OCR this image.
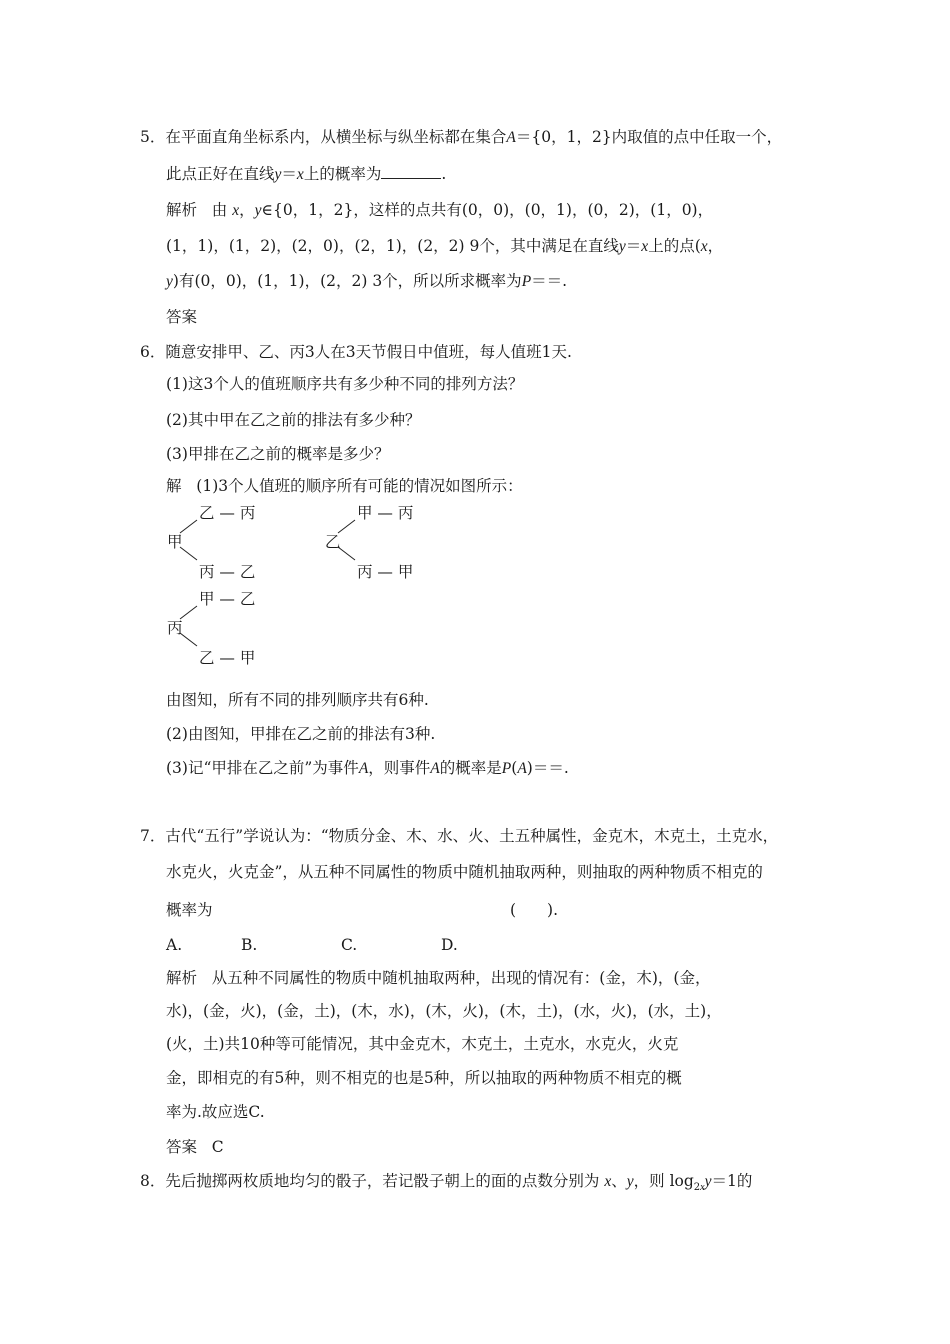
5．在平面直角坐标系内，从横坐标与纵坐标都在集合A＝{0，1，2}内取值的点中任取一个，
此点正好在直线y＝x上的概率为	.
解析 由 x，y∈{0，1，2}，这样的点共有(0，0)，(0，1)，(0，2)，(1，0)，
(1，1)，(1，2)，(2，0)，(2，1)，(2，2) 9个，其中满足在直线y＝x上的点(x，
y)有(0，0)，(1，1)，(2，2) 3个，所以所求概率为P＝＝.
答案
6．随意安排甲、乙、丙3人在3天节假日中值班，每人值班1天.
(1)这3个人的值班顺序共有多少种不同的排列方法？
(2)其中甲在乙之前的排法有多少种？
(3)甲排在乙之前的概率是多少？
解 (1)3个人值班的顺序所有可能的情况如图所示：
乙 — 丙
甲
丙 — 乙
甲 — 丙
乙
丙 — 甲
甲 — 乙
丙
乙 — 甲
由图知，所有不同的排列顺序共有6种.
(2)由图知，甲排在乙之前的排法有3种.
(3)记“甲排在乙之前”为事件A，则事件A的概率是P(A)＝＝.
7．古代“五行”学说认为：“物质分金、木、水、火、土五种属性，金克木，木克土，土克水，
水克火，火克金”，从五种不同属性的物质中随机抽取两种，则抽取的两种物质不相克的
概率为	(　　).
A.	B.	C.	D.
解析 从五种不同属性的物质中随机抽取两种，出现的情况有：(金，木)，(金，
水)，(金，火)，(金，土)，(木，水)，(木，火)，(木，土)，(水，火)，(水，土)，
(火，土)共10种等可能情况，其中金克木，木克土，土克水，水克火，火克
金，即相克的有5种，则不相克的也是5种，所以抽取的两种物质不相克的概
率为.故应选C.
答案 C
8．先后抛掷两枚质地均匀的骰子，若记骰子朝上的面的点数分别为 x、y，则 $\log_{2x}y=1$的
